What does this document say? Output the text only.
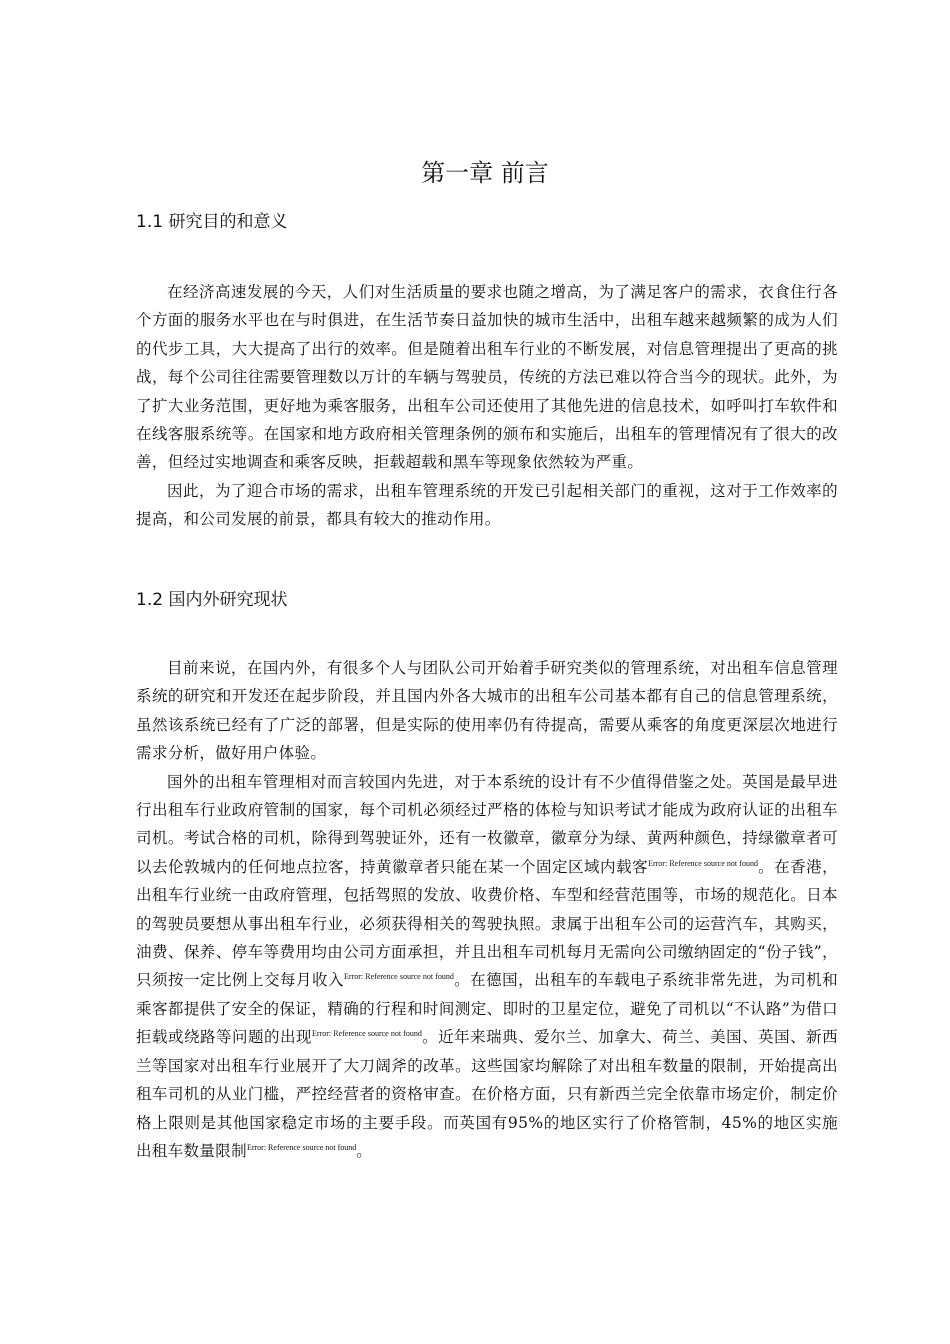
第一章 前言
1.1 研究目的和意义

在经济高速发展的今天，人们对生活质量的要求也随之增高，为了满足客户的需求，衣食住行各个方面的服务水平也在与时俱进，在生活节奏日益加快的城市生活中，出租车越来越频繁的成为人们的代步工具，大大提高了出行的效率。但是随着出租车行业的不断发展，对信息管理提出了更高的挑战，每个公司往往需要管理数以万计的车辆与驾驶员，传统的方法已难以符合当今的现状。此外，为了扩大业务范围，更好地为乘客服务，出租车公司还使用了其他先进的信息技术，如呼叫打车软件和在线客服系统等。在国家和地方政府相关管理条例的颁布和实施后，出租车的管理情况有了很大的改善，但经过实地调查和乘客反映，拒载超载和黑车等现象依然较为严重。

因此，为了迎合市场的需求，出租车管理系统的开发已引起相关部门的重视，这对于工作效率的提高，和公司发展的前景，都具有较大的推动作用。

1.2 国内外研究现状

目前来说，在国内外，有很多个人与团队公司开始着手研究类似的管理系统，对出租车信息管理系统的研究和开发还在起步阶段，并且国内外各大城市的出租车公司基本都有自己的信息管理系统，虽然该系统已经有了广泛的部署，但是实际的使用率仍有待提高，需要从乘客的角度更深层次地进行需求分析，做好用户体验。

国外的出租车管理相对而言较国内先进，对于本系统的设计有不少值得借鉴之处。英国是最早进行出租车行业政府管制的国家，每个司机必须经过严格的体检与知识考试才能成为政府认证的出租车司机。考试合格的司机，除得到驾驶证外，还有一枚徽章，徽章分为绿、黄两种颜色，持绿徽章者可以去伦敦城内的任何地点拉客，持黄徽章者只能在某一个固定区域内载客$^{Error: Reference source not found}$。在香港，出租车行业统一由政府管理，包括驾照的发放、收费价格、车型和经营范围等，市场的规范化。日本的驾驶员要想从事出租车行业，必须获得相关的驾驶执照。隶属于出租车公司的运营汽车，其购买，油费、保养、停车等费用均由公司方面承担，并且出租车司机每月无需向公司缴纳固定的“份子钱”，只须按一定比例上交每月收入$^{Error: Reference source not found}$。在德国，出租车的车载电子系统非常先进，为司机和乘客都提供了安全的保证，精确的行程和时间测定、即时的卫星定位，避免了司机以“不认路”为借口拒载或绕路等问题的出现$^{Error: Reference source not found}$。近年来瑞典、爱尔兰、加拿大、荷兰、美国、英国、新西兰等国家对出租车行业展开了大刀阔斧的改革。这些国家均解除了对出租车数量的限制，开始提高出租车司机的从业门槛，严控经营者的资格审查。在价格方面，只有新西兰完全依靠市场定价，制定价格上限则是其他国家稳定市场的主要手段。而英国有95%的地区实行了价格管制，45%的地区实施出租车数量限制$^{Error: Reference source not found}$。
